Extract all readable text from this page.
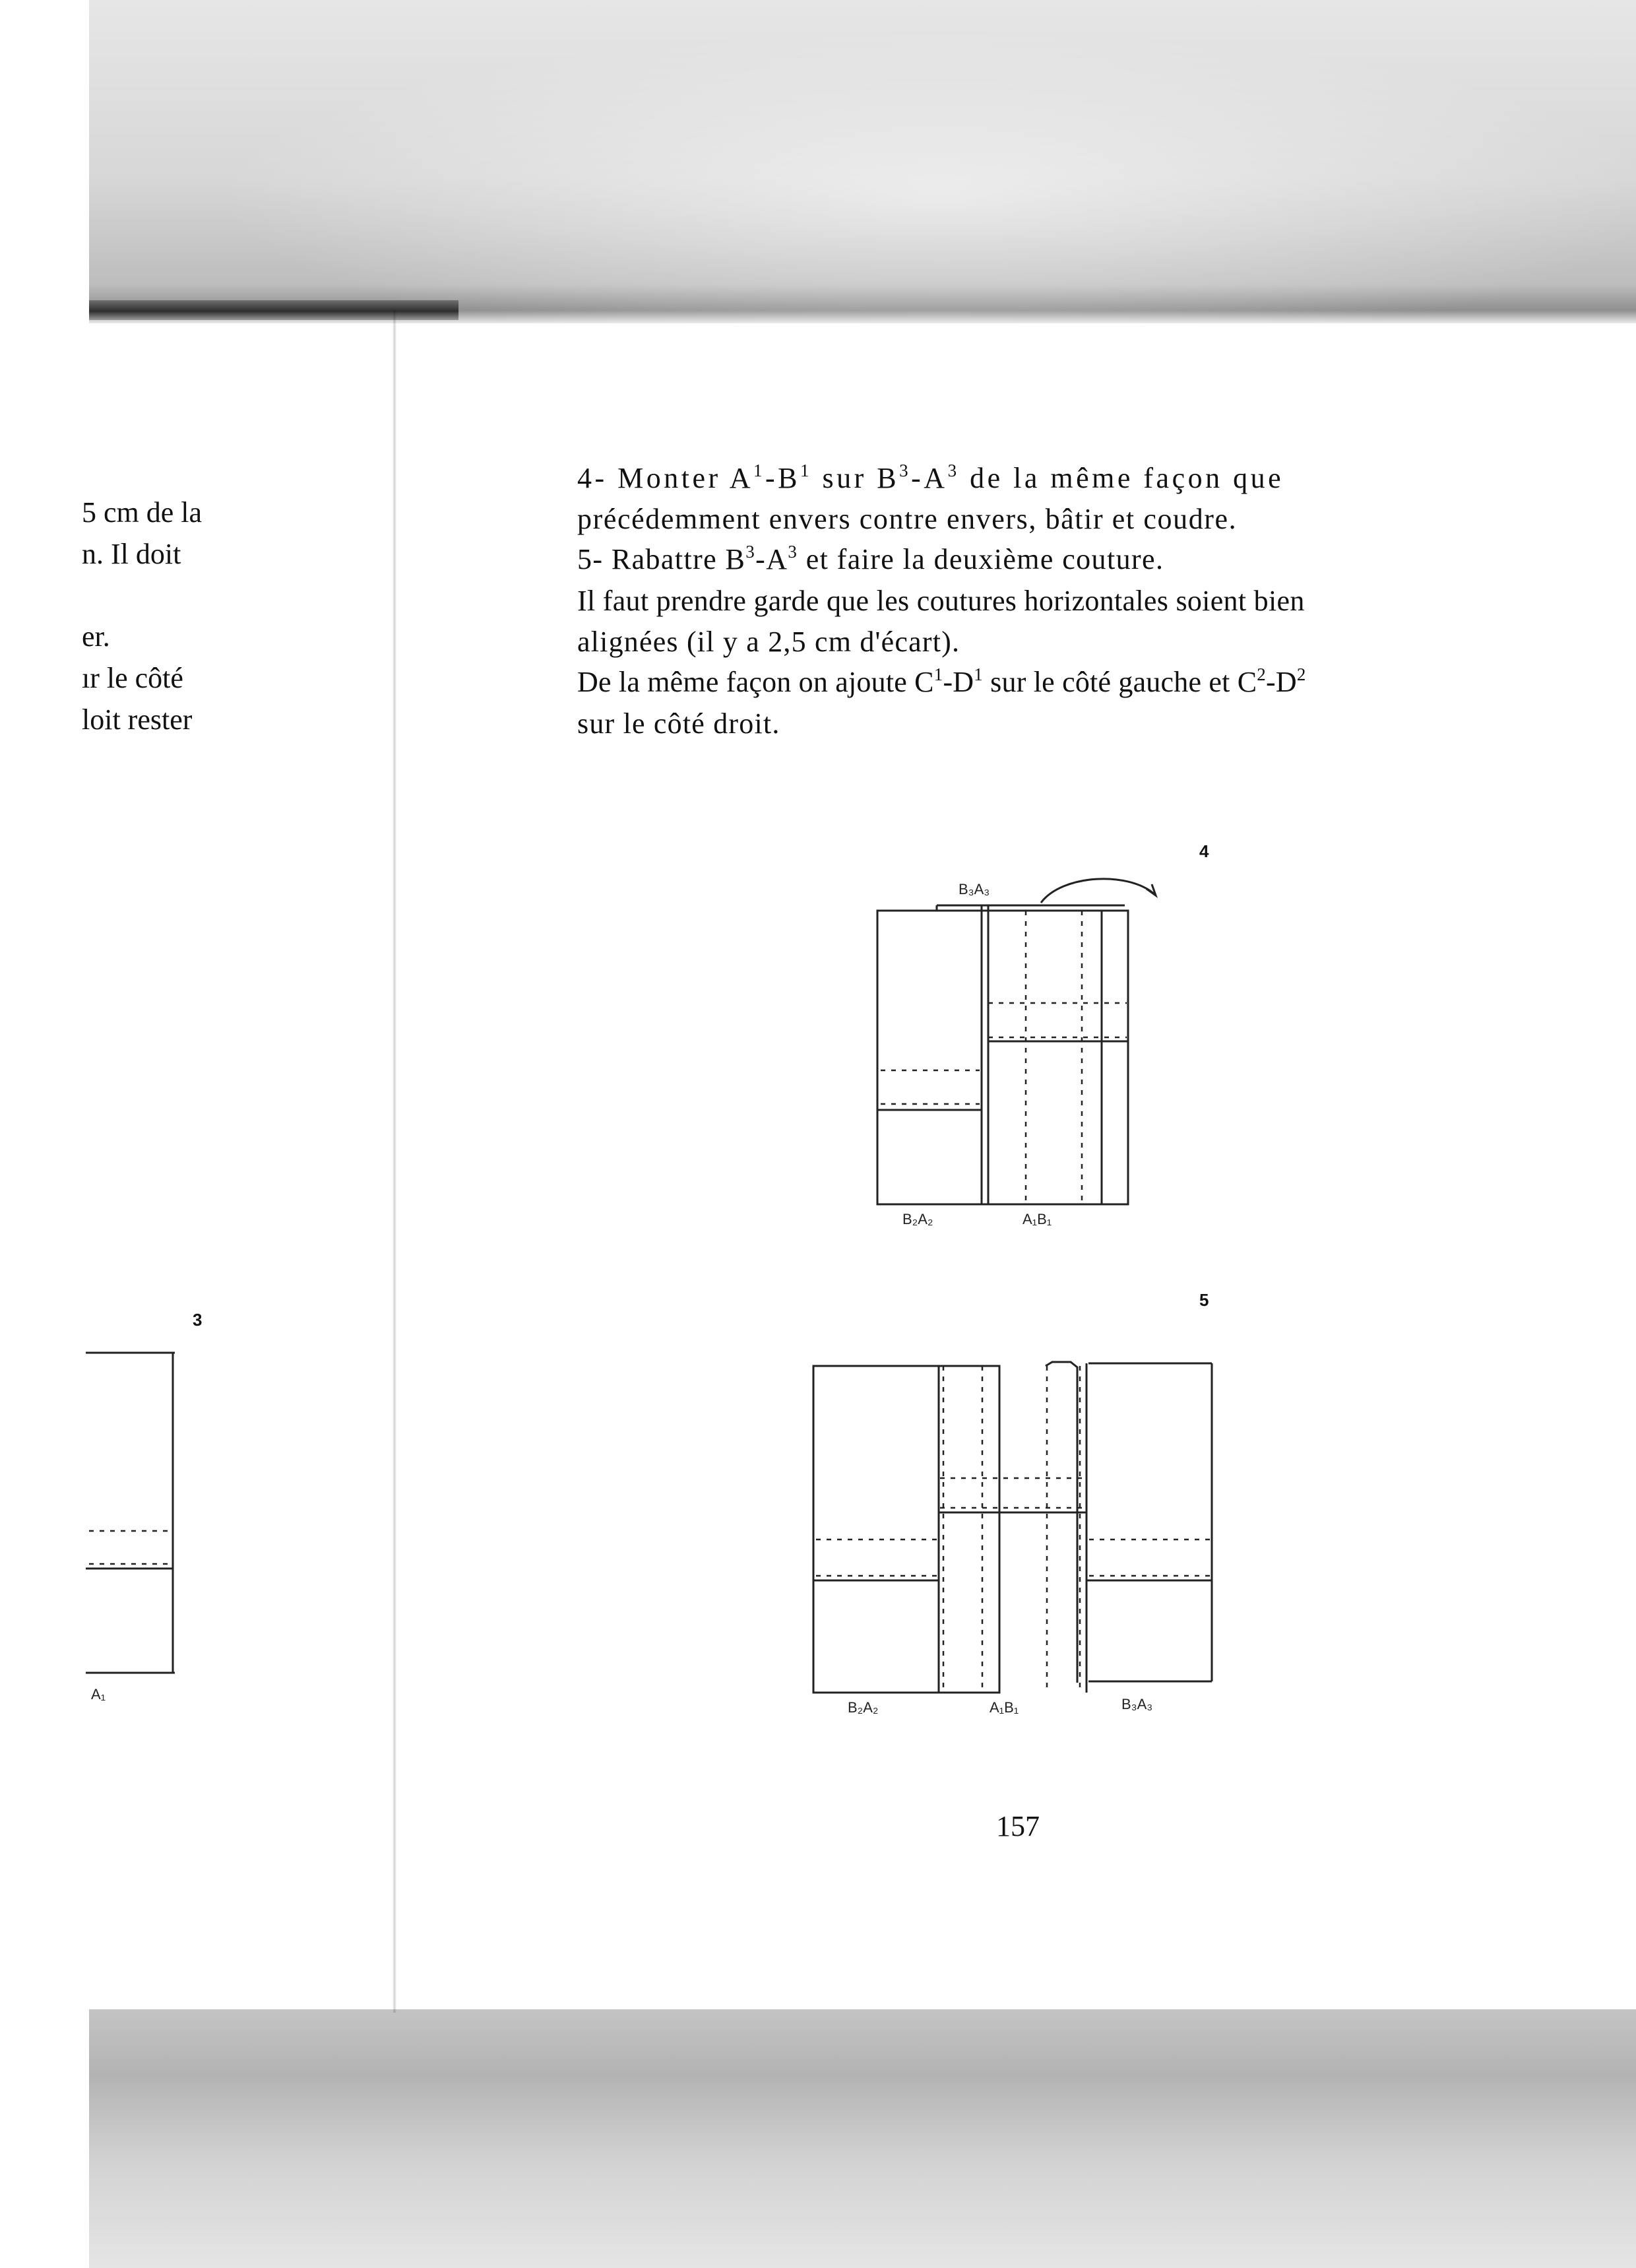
5 cm de la
n. Il doit
er.
ır le côté
loit rester
3
A₁
4- Monter $A^1-B^1$ sur $B^3-A^3$ de la même façon que
précédemment envers contre envers, bâtir et coudre.
5- Rabattre $B^3-A^3$ et faire la deuxième couture.
Il faut prendre garde que les coutures horizontales soient bien
alignées (il y a 2,5 cm d'écart).
De la même façon on ajoute $C^1-D^1$ sur le côté gauche et $C^2-D^2$
sur le côté droit.
4
B₃A₃
B₂A₂	A₁B₁
5
B₂A₂	A₁B₁	B₃A₃
157
